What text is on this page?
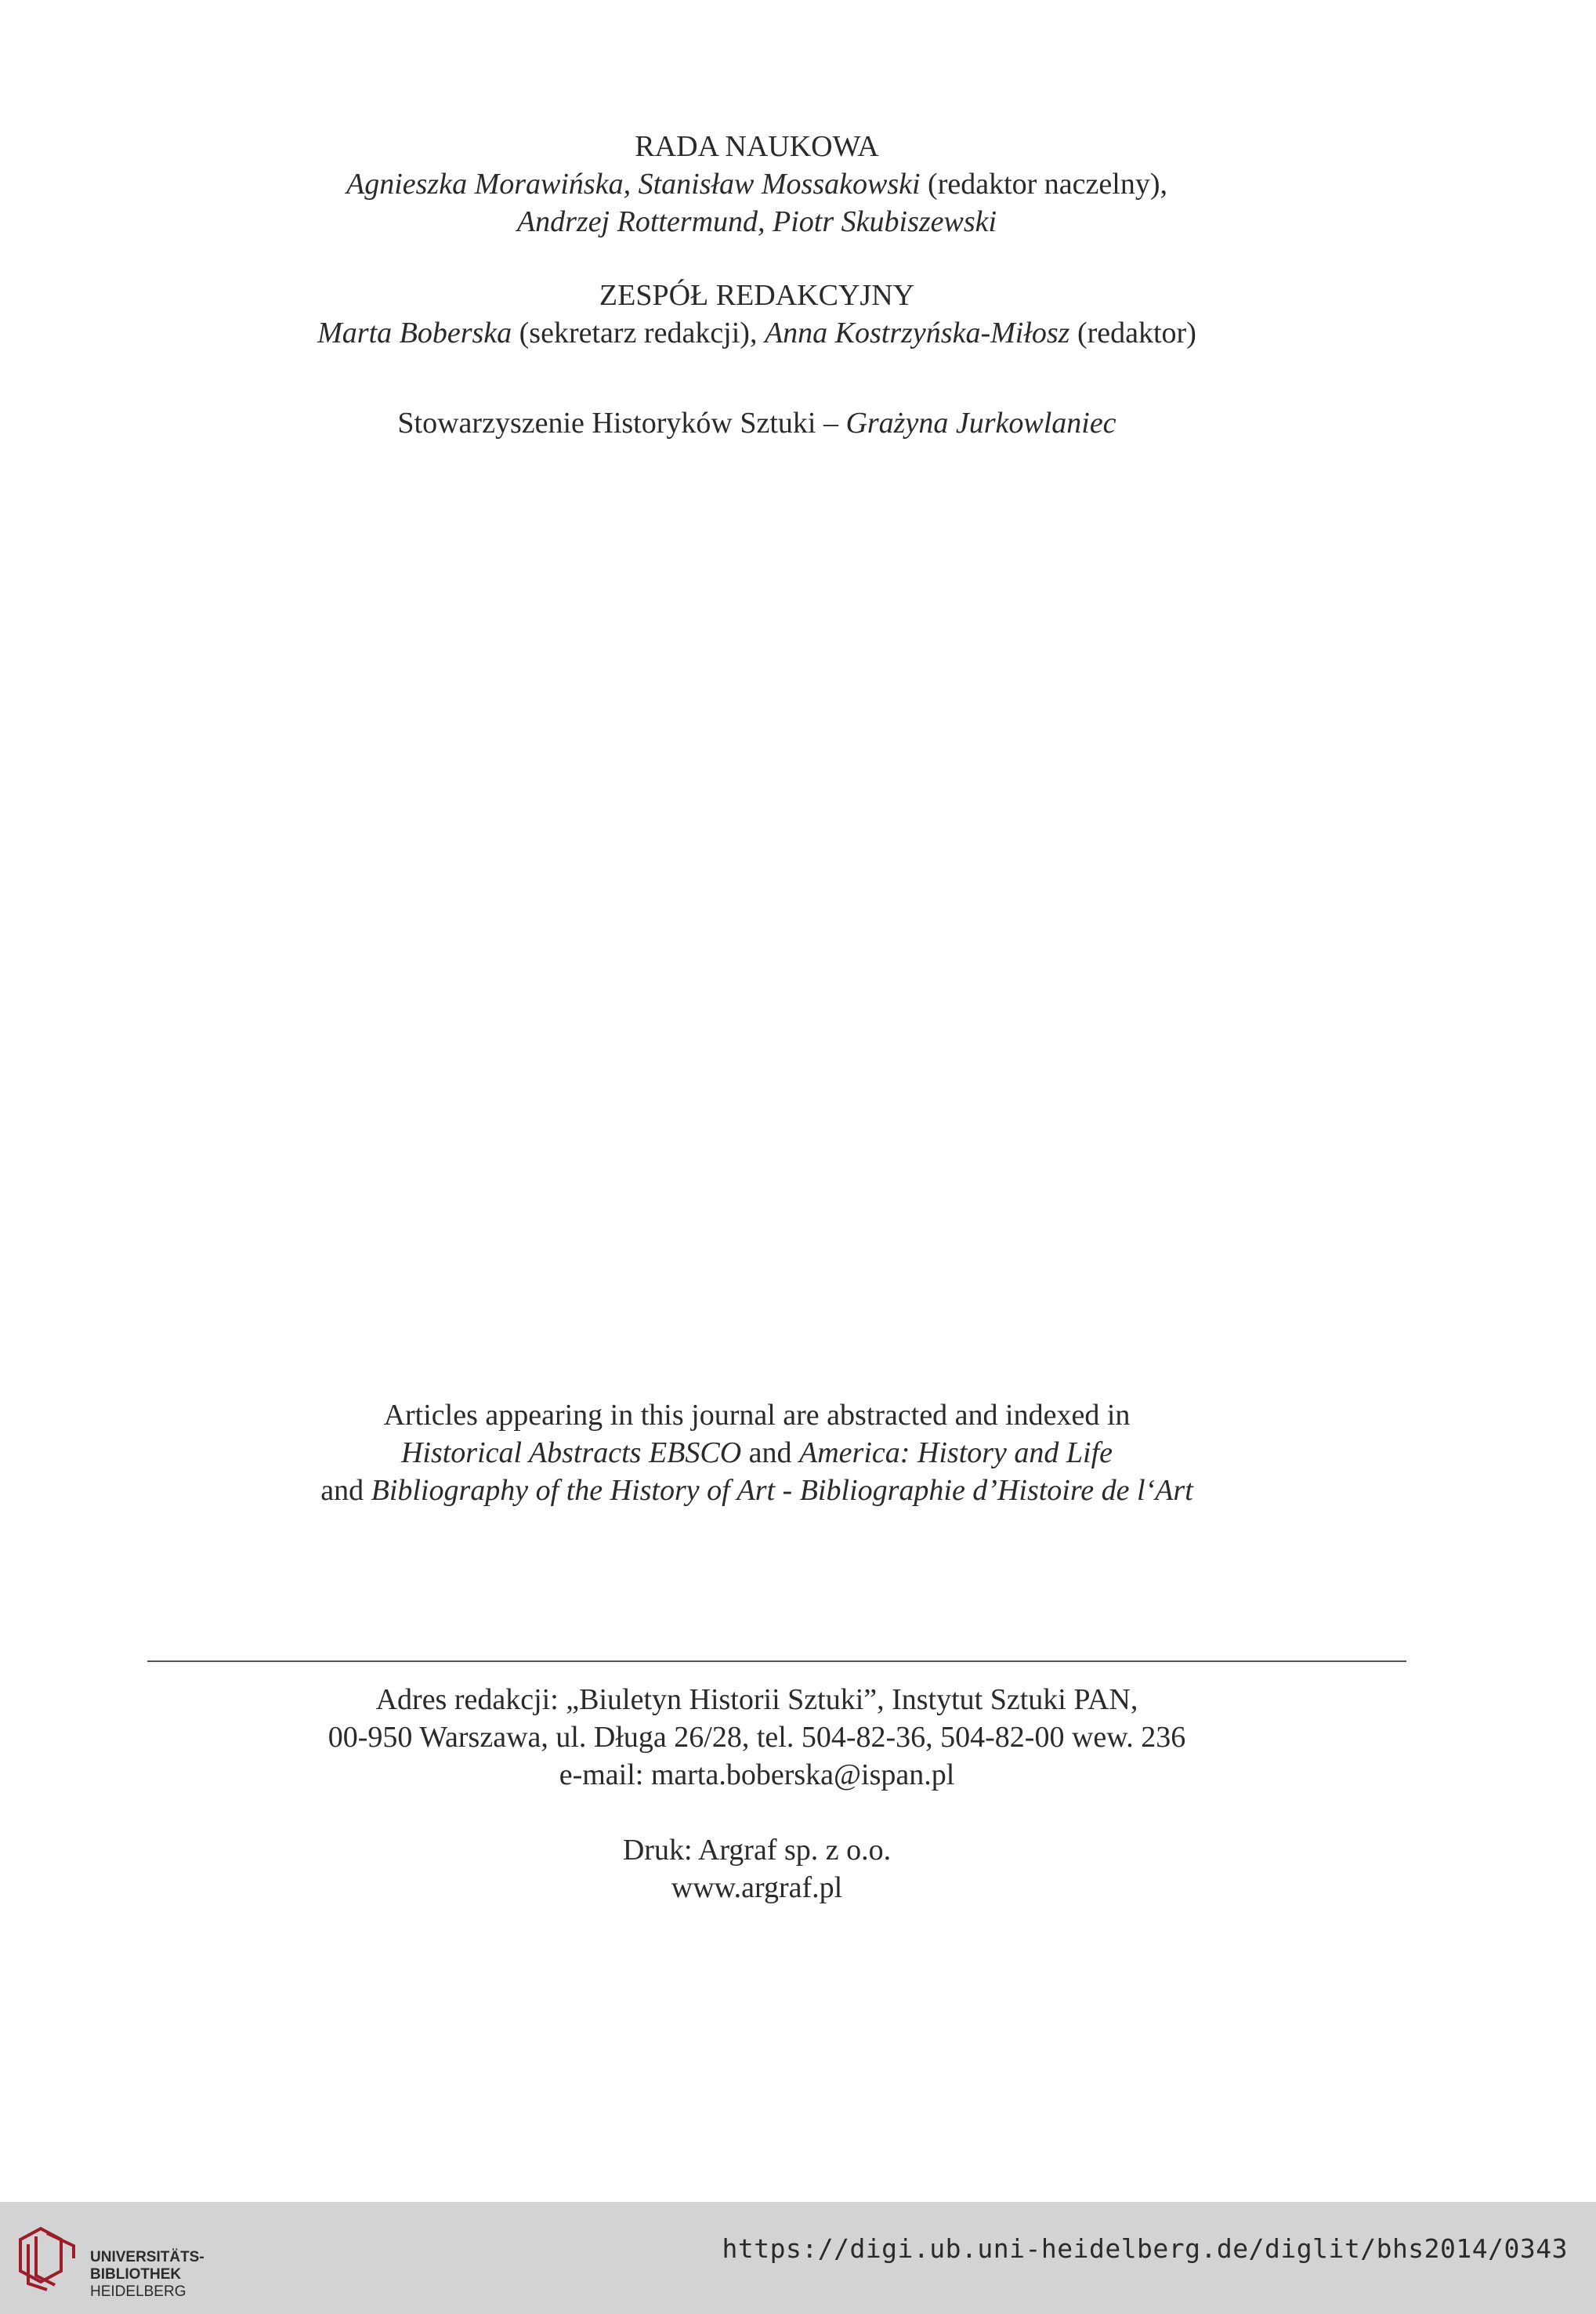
RADA NAUKOWA
Agnieszka Morawińska, Stanisław Mossakowski (redaktor naczelny),
Andrzej Rottermund, Piotr Skubiszewski
ZESPÓŁ REDAKCYJNY
Marta Boberska (sekretarz redakcji), Anna Kostrzyńska-Miłosz (redaktor)
Stowarzyszenie Historyków Sztuki – Grażyna Jurkowlaniec
Articles appearing in this journal are abstracted and indexed in
Historical Abstracts EBSCO and America: History and Life
and Bibliography of the History of Art - Bibliographie d’Histoire de l‘Art
Adres redakcji: „Biuletyn Historii Sztuki”, Instytut Sztuki PAN,
00-950 Warszawa, ul. Długa 26/28, tel. 504-82-36, 504-82-00 wew. 236
e-mail: marta.boberska@ispan.pl
Druk: Argraf sp. z o.o.
www.argraf.pl
UNIVERSITÄTS-
BIBLIOTHEK
HEIDELBERG
https://digi.ub.uni-heidelberg.de/diglit/bhs2014/0343
